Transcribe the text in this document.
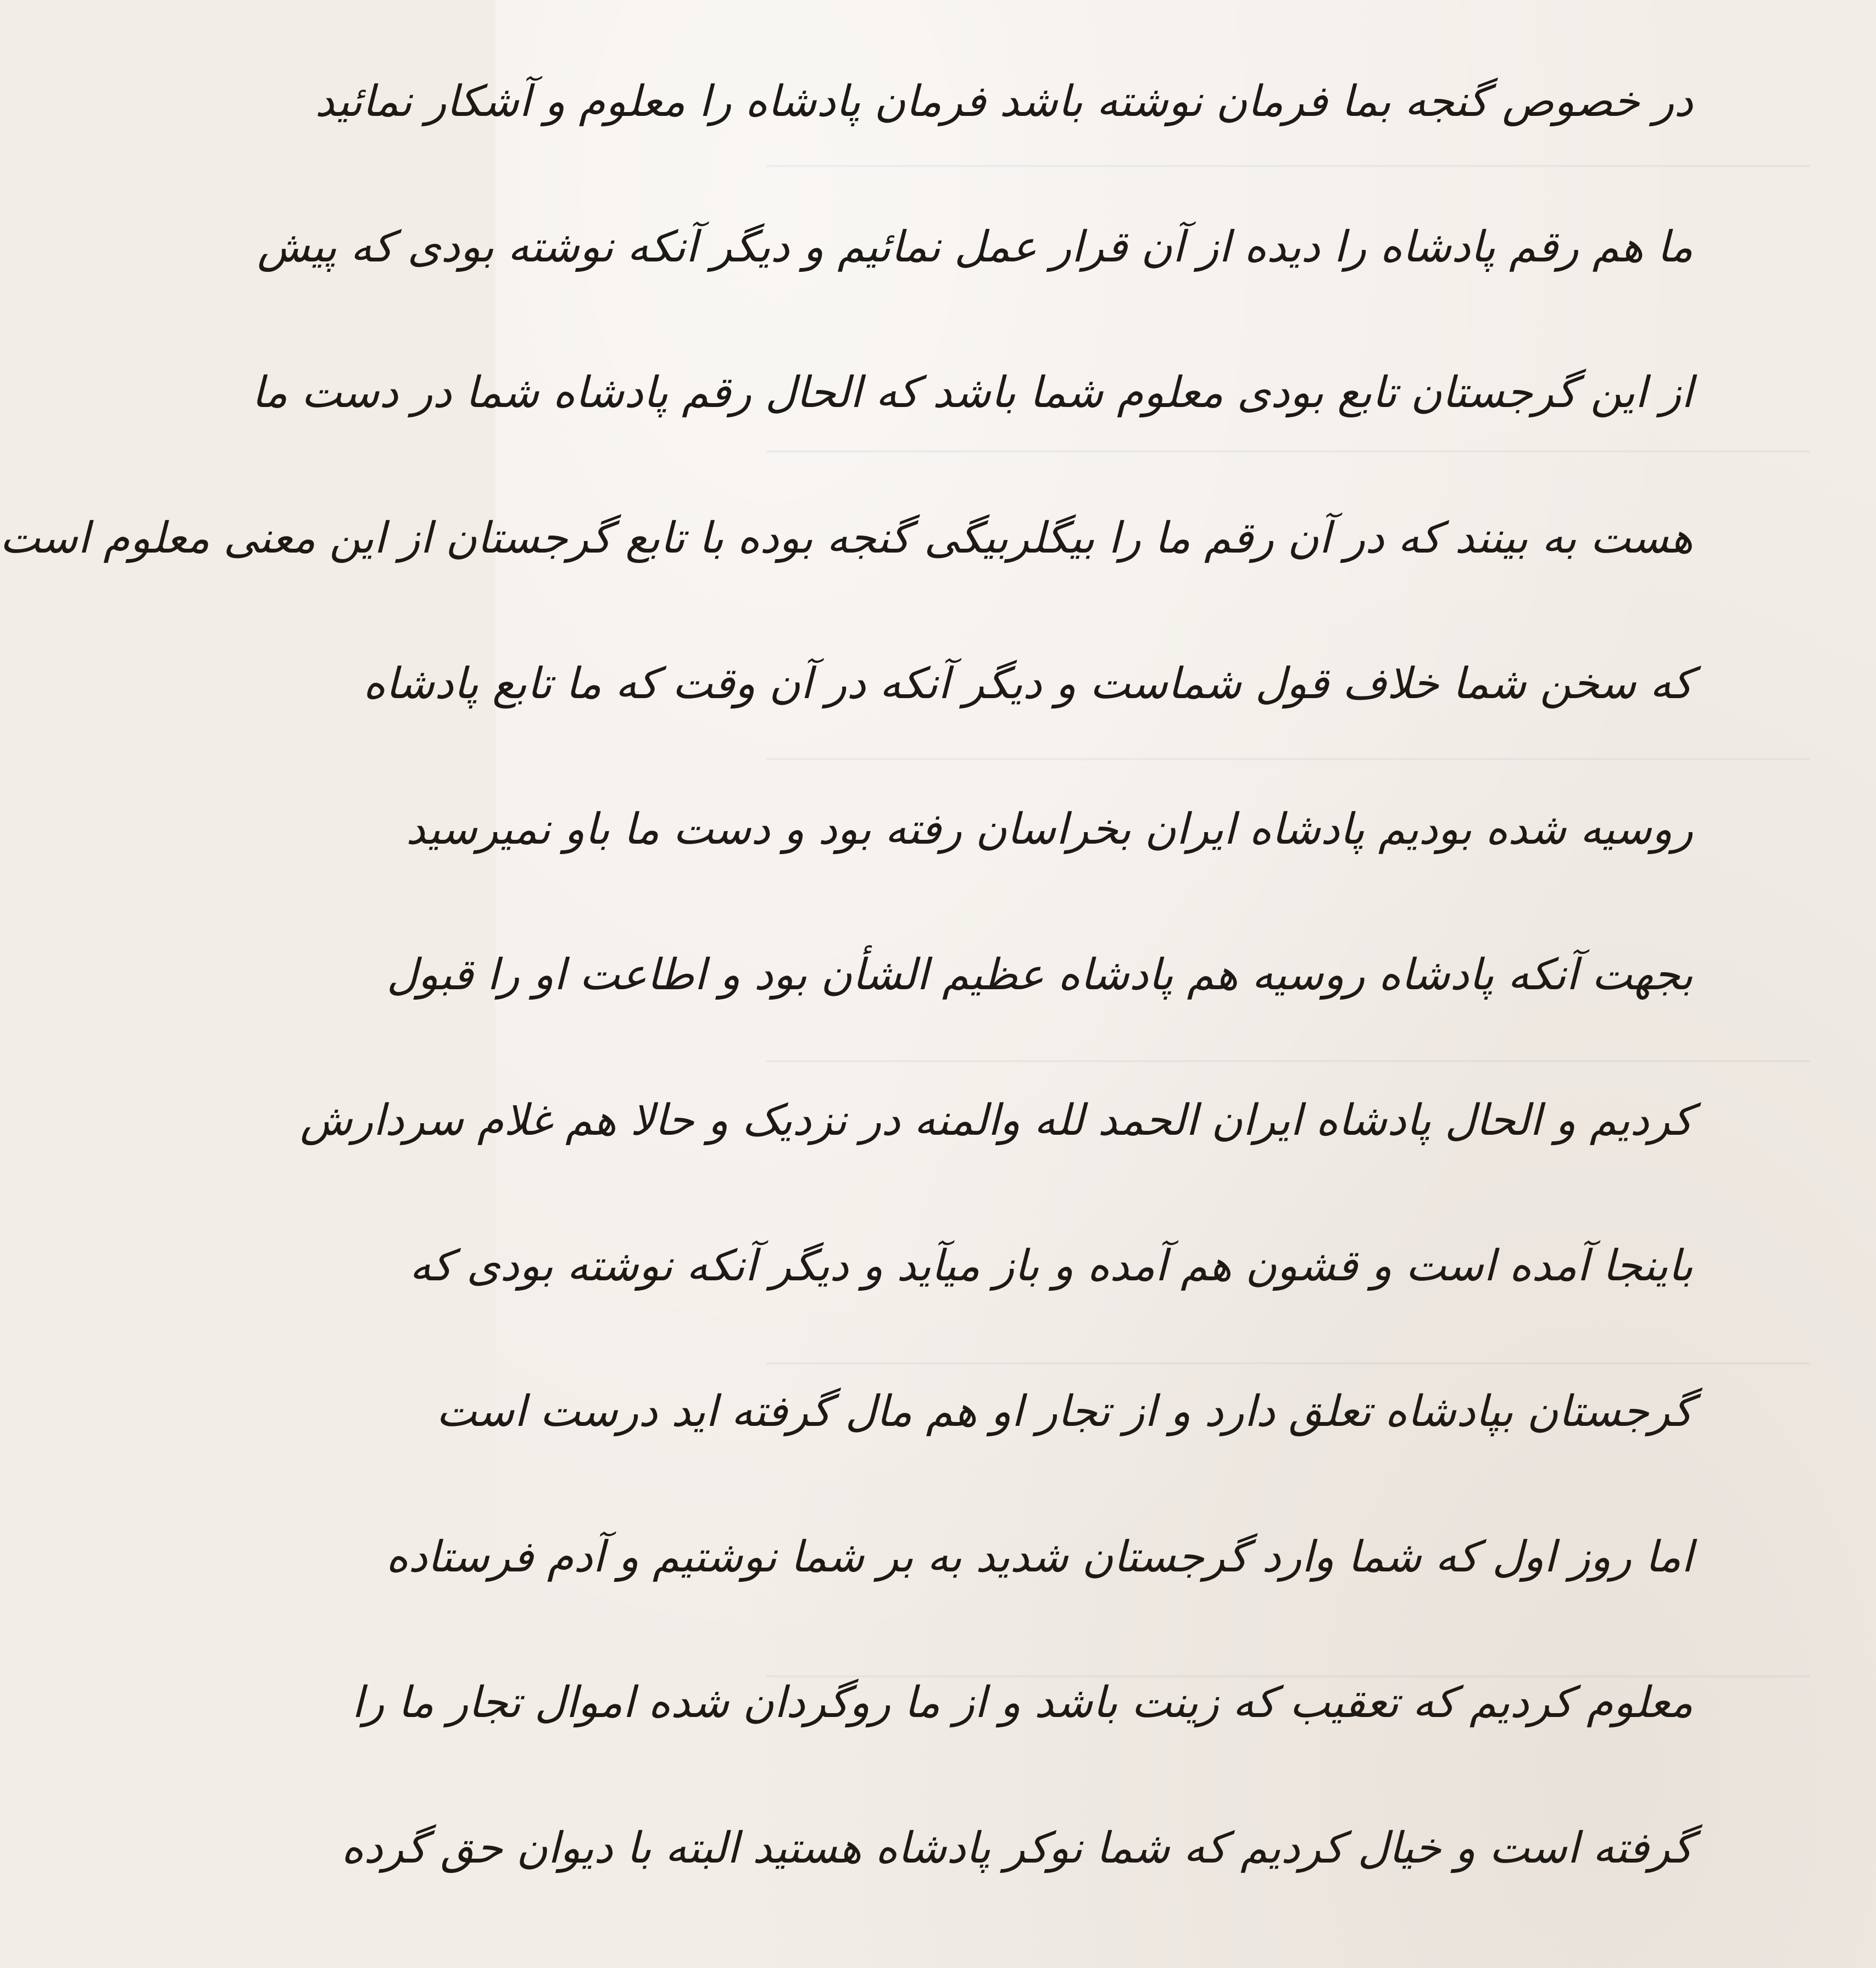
در خصوص گنجه بما فرمان نوشته باشد فرمان پادشاه را معلوم و آشکار نمائید
ما هم رقم پادشاه را دیده از آن قرار عمل نمائیم و دیگر آنکه نوشته بودی که پیش
از این گرجستان تابع بودی معلوم شما باشد که الحال رقم پادشاه شما در دست ما
هست به بینند که در آن رقم ما را بیگلربیگی گنجه بوده با تابع گرجستان از این معنی معلوم است
که سخن شما خلاف قول شماست و دیگر آنکه در آن وقت که ما تابع پادشاه
روسیه شده بودیم پادشاه ایران بخراسان رفته بود و دست ما باو نمیرسید
بجهت آنکه پادشاه روسیه هم پادشاه عظیم الشأن بود و اطاعت او را قبول
کردیم و الحال پادشاه ایران الحمد لله والمنه در نزدیک و حالا هم غلام سردارش
باینجا آمده است و قشون هم آمده و باز میآید و دیگر آنکه نوشته بودی که
گرجستان بپادشاه تعلق دارد و از تجار او هم مال گرفته اید درست است
اما روز اول که شما وارد گرجستان شدید به بر شما نوشتیم و آدم فرستاده
معلوم کردیم که تعقیب که زینت باشد و از ما روگردان شده اموال تجار ما را
گرفته است و خیال کردیم که شما نوکر پادشاه هستید البته با دیوان حق گرده
